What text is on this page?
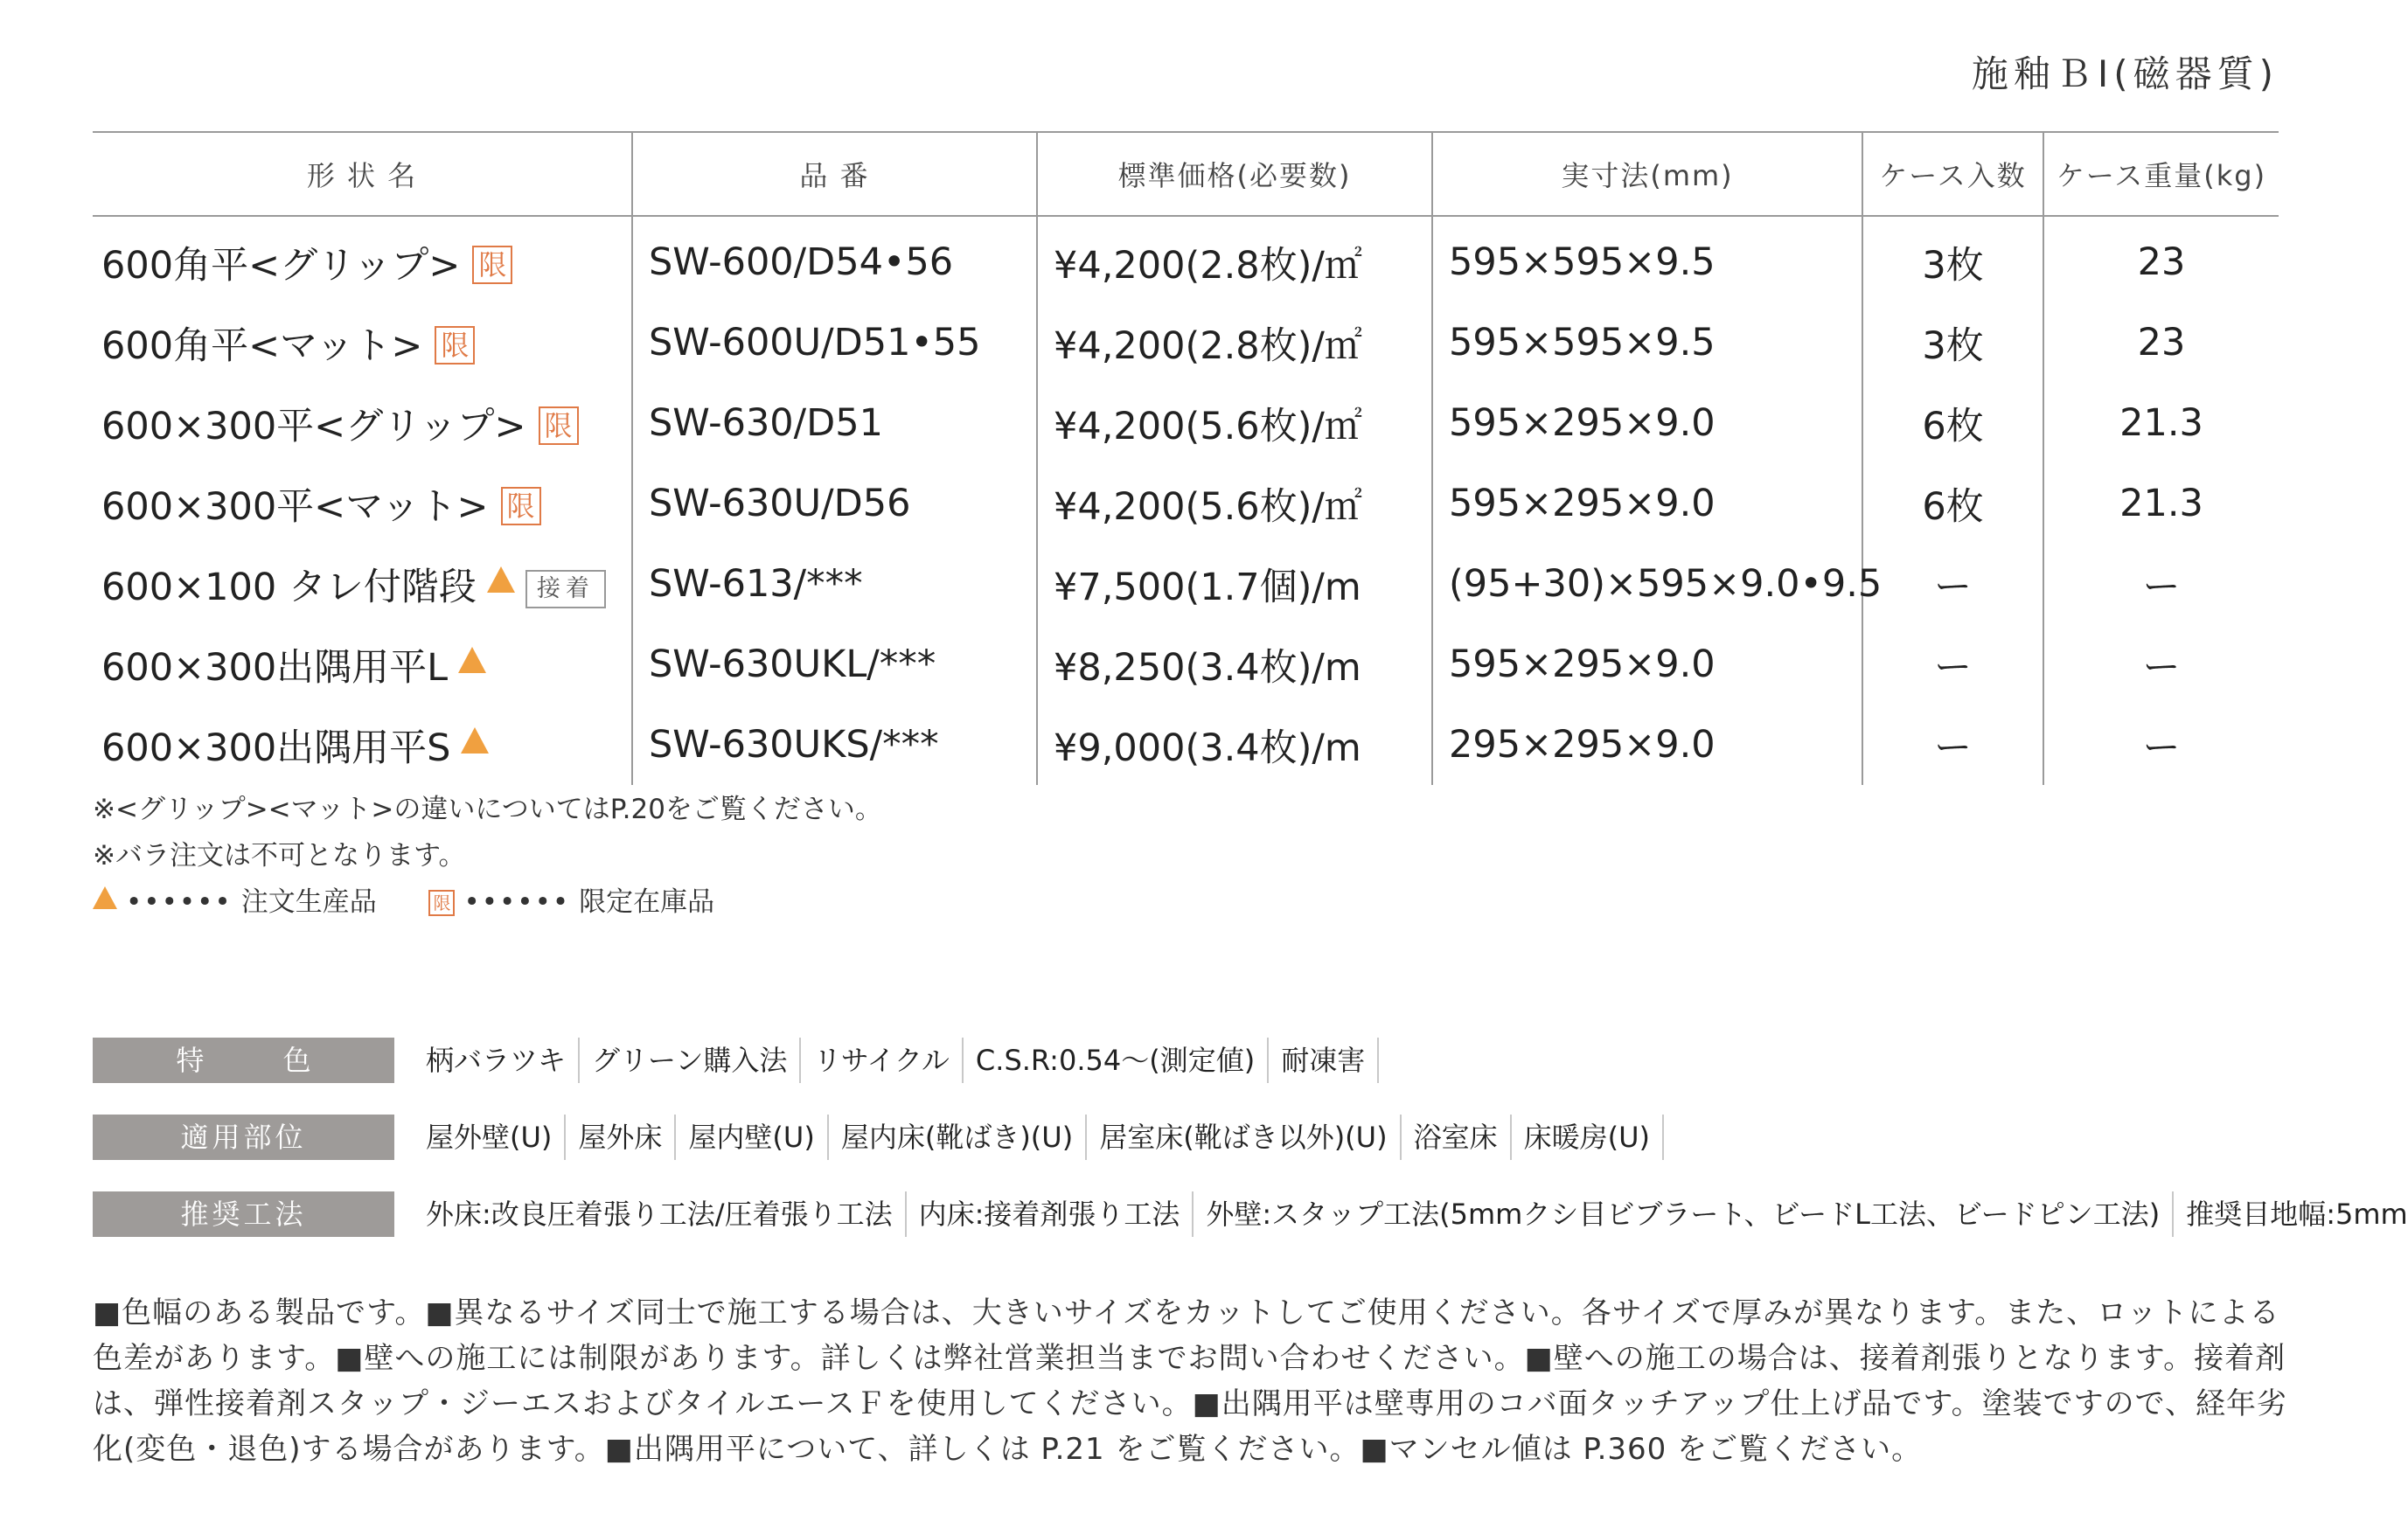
施釉ＢⅠ(磁器質)
形 状 名	品 番	標準価格(必要数)	実寸法(mm)	ケース入数	ケース重量(kg)
600角平<グリップ> 限	SW-600/D54•56	¥4,200(2.8枚)/㎡	595×595×9.5	3枚	23
600角平<マット> 限	SW-600U/D51•55	¥4,200(2.8枚)/㎡	595×595×9.5	3枚	23
600×300平<グリップ> 限	SW-630/D51	¥4,200(5.6枚)/㎡	595×295×9.0	6枚	21.3
600×300平<マット> 限	SW-630U/D56	¥4,200(5.6枚)/㎡	595×295×9.0	6枚	21.3
600×100 タレ付階段 接着	SW-613/***	¥7,500(1.7個)/m	(95+30)×595×9.0•9.5	ー	ー
600×300出隅用平L	SW-630UKL/***	¥8,250(3.4枚)/m	595×295×9.0	ー	ー
600×300出隅用平S	SW-630UKS/***	¥9,000(3.4枚)/m	295×295×9.0	ー	ー
※<グリップ><マット>の違いについてはP.20をご覧ください。
※バラ注文は不可となります。
•••••• 注文生産品	限 •••••• 限定在庫品
特 色	柄バラツキ グリーン購入法 リサイクル C.S.R:0.54〜(測定値) 耐凍害
適用部位	屋外壁(U) 屋外床 屋内壁(U) 屋内床(靴ばき)(U) 居室床(靴ばき以外)(U) 浴室床 床暖房(U)
推奨工法	外床:改良圧着張り工法/圧着張り工法 内床:接着剤張り工法 外壁:スタップ工法(5mmクシ目ビブラート、ビードL工法、ビードピン工法) 推奨目地幅:5mm
■色幅のある製品です。■異なるサイズ同士で施工する場合は、大きいサイズをカットしてご使用ください。各サイズで厚みが異なります。また、ロットによる色差があります。■壁への施工には制限があります。詳しくは弊社営業担当までお問い合わせください。■壁への施工の場合は、接着剤張りとなります。接着剤は、弾性接着剤スタップ・ジーエスおよびタイルエースＦを使用してください。■出隅用平は壁専用のコバ面タッチアップ仕上げ品です。塗装ですので、経年劣化(変色・退色)する場合があります。■出隅用平について、詳しくは P.21 をご覧ください。■マンセル値は P.360 をご覧ください。
